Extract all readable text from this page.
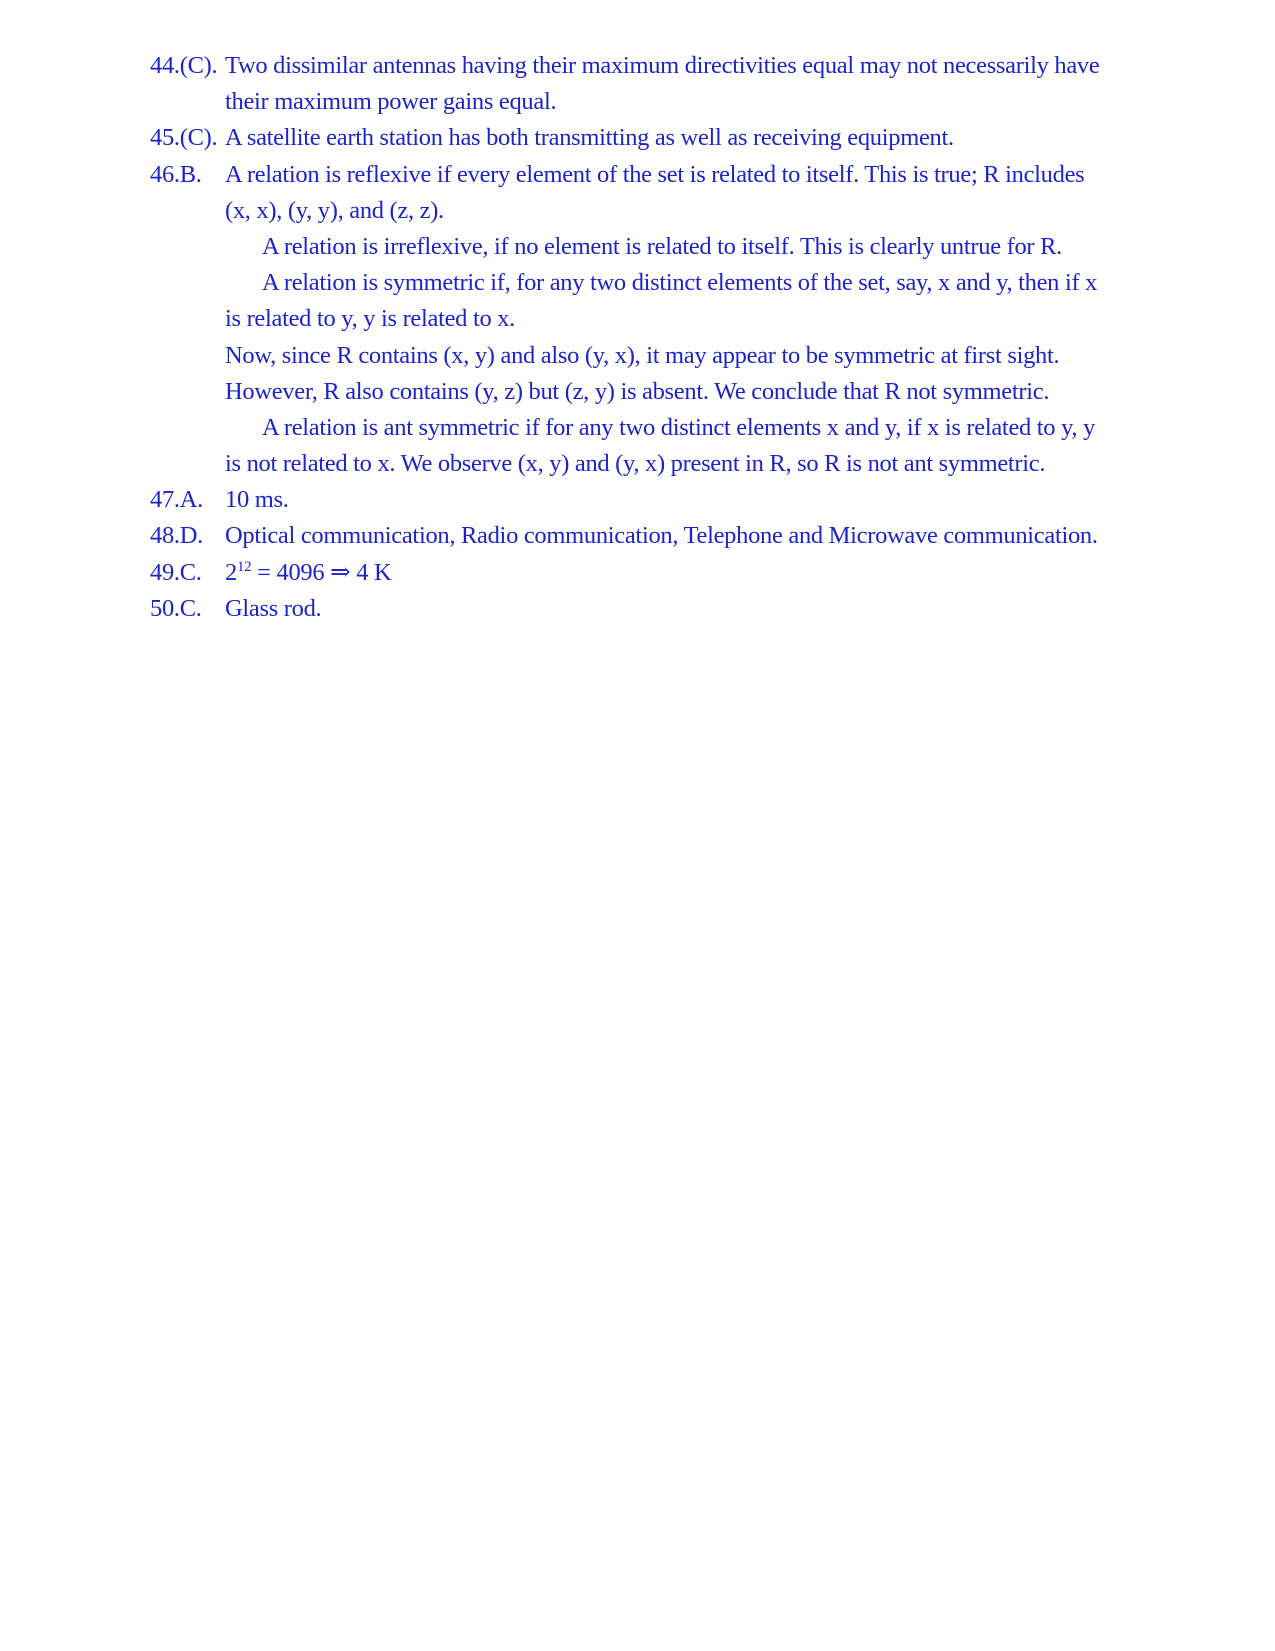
44.(C). Two dissimilar antennas having their maximum directivities equal may not necessarily have
their maximum power gains equal.
45.(C). A satellite earth station has both transmitting as well as receiving equipment.
46.B. A relation is reflexive if every element of the set is related to itself. This is true; R includes
(x, x), (y, y), and (z, z).
A relation is irreflexive, if no element is related to itself. This is clearly untrue for R.
A relation is symmetric if, for any two distinct elements of the set, say, x and y, then if x
is related to y, y is related to x.
Now, since R contains (x, y) and also (y, x), it may appear to be symmetric at first sight.
However, R also contains (y, z) but (z, y) is absent. We conclude that R not symmetric.
A relation is ant symmetric if for any two distinct elements x and y, if x is related to y, y
is not related to x. We observe (x, y) and (y, x) present in R, so R is not ant symmetric.
47.A. 10 ms.
48.D. Optical communication, Radio communication, Telephone and Microwave communication.
49.C. $2^{12} = 4096$ ⇒ 4 K
50.C. Glass rod.
